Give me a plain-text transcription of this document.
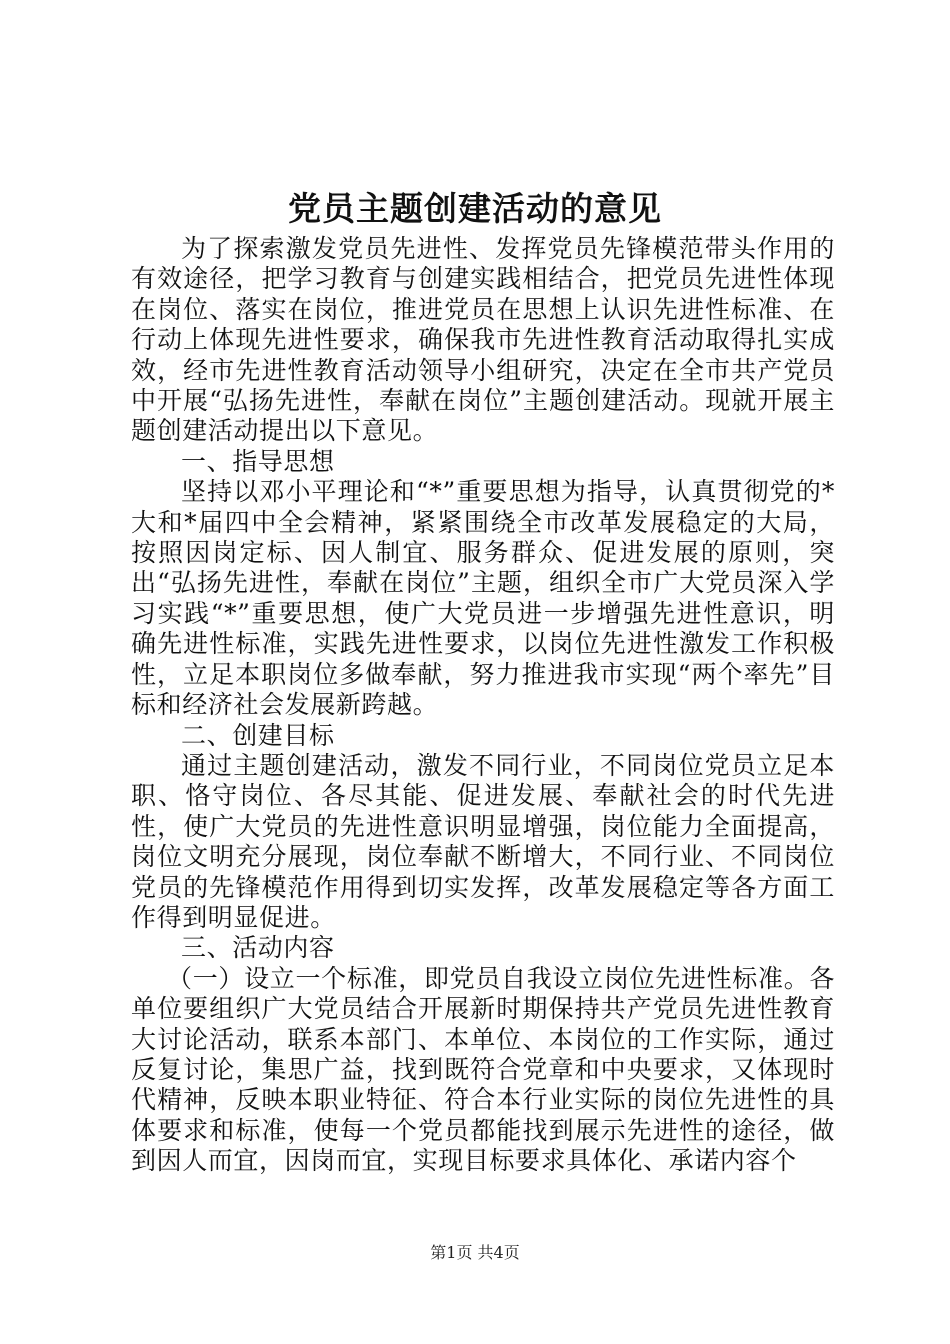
党员主题创建活动的意见

为了探索激发党员先进性、发挥党员先锋模范带头作用的有效途径，把学习教育与创建实践相结合，把党员先进性体现在岗位、落实在岗位，推进党员在思想上认识先进性标准、在行动上体现先进性要求，确保我市先进性教育活动取得扎实成效，经市先进性教育活动领导小组研究，决定在全市共产党员中开展“弘扬先进性，奉献在岗位”主题创建活动。现就开展主题创建活动提出以下意见。

一、指导思想

坚持以邓小平理论和“*”重要思想为指导，认真贯彻党的*大和*届四中全会精神，紧紧围绕全市改革发展稳定的大局，按照因岗定标、因人制宜、服务群众、促进发展的原则，突出“弘扬先进性，奉献在岗位”主题，组织全市广大党员深入学习实践“*”重要思想，使广大党员进一步增强先进性意识，明确先进性标准，实践先进性要求，以岗位先进性激发工作积极性，立足本职岗位多做奉献，努力推进我市实现“两个率先”目标和经济社会发展新跨越。

二、创建目标

通过主题创建活动，激发不同行业，不同岗位党员立足本职、恪守岗位、各尽其能、促进发展、奉献社会的时代先进性，使广大党员的先进性意识明显增强，岗位能力全面提高，岗位文明充分展现，岗位奉献不断增大，不同行业、不同岗位党员的先锋模范作用得到切实发挥，改革发展稳定等各方面工作得到明显促进。

三、活动内容

（一）设立一个标准，即党员自我设立岗位先进性标准。各单位要组织广大党员结合开展新时期保持共产党员先进性教育大讨论活动，联系本部门、本单位、本岗位的工作实际，通过反复讨论，集思广益，找到既符合党章和中央要求，又体现时代精神，反映本职业特征、符合本行业实际的岗位先进性的具体要求和标准，使每一个党员都能找到展示先进性的途径，做到因人而宜，因岗而宜，实现目标要求具体化、承诺内容个

第1页 共4页
